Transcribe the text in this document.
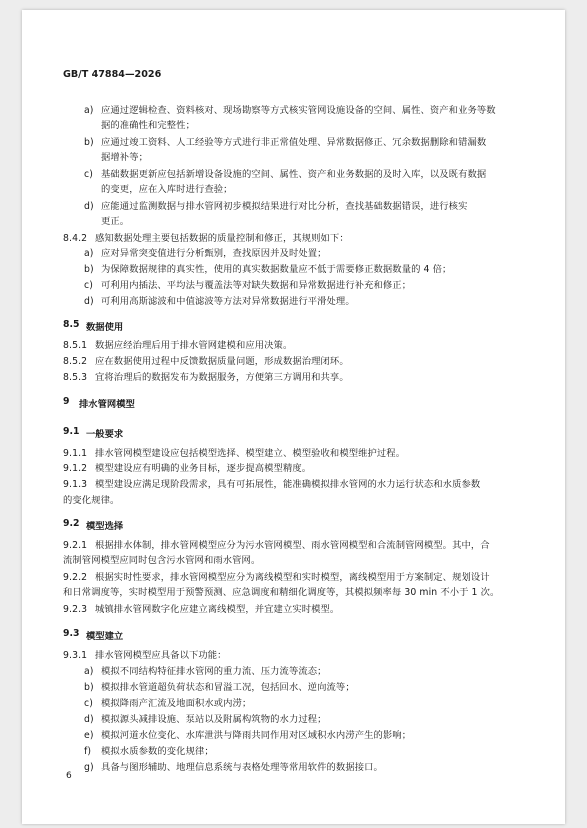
GB/T 47884—2026
a) 应通过逻辑检查、资料核对、现场勘察等方式核实管网设施设备的空间、属性、资产和业务等数
据的准确性和完整性；
b) 应通过竣工资料、人工经验等方式进行非正常值处理、异常数据修正、冗余数据删除和错漏数
据增补等；
c) 基础数据更新应包括新增设备设施的空间、属性、资产和业务数据的及时入库，以及既有数据
的变更，应在入库时进行查验；
d) 应能通过监测数据与排水管网初步模拟结果进行对比分析，查找基础数据错误，进行核实
更正。
8.4.2 感知数据处理主要包括数据的质量控制和修正，其规则如下：
a) 应对异常突变值进行分析甄别，查找原因并及时处置；
b) 为保障数据规律的真实性，使用的真实数据数量应不低于需要修正数据数量的 4 倍；
c) 可利用内插法、平均法与覆盖法等对缺失数据和异常数据进行补充和修正；
d) 可利用高斯滤波和中值滤波等方法对异常数据进行平滑处理。
8.5 数据使用
8.5.1 数据应经治理后用于排水管网建模和应用决策。
8.5.2 应在数据使用过程中反馈数据质量问题，形成数据治理闭环。
8.5.3 宜将治理后的数据发布为数据服务，方便第三方调用和共享。
9 排水管网模型
9.1 一般要求
9.1.1 排水管网模型建设应包括模型选择、模型建立、模型验收和模型维护过程。
9.1.2 模型建设应有明确的业务目标，逐步提高模型精度。
9.1.3 模型建设应满足现阶段需求，具有可拓展性，能准确模拟排水管网的水力运行状态和水质参数
的变化规律。
9.2 模型选择
9.2.1 根据排水体制，排水管网模型应分为污水管网模型、雨水管网模型和合流制管网模型。其中，合
流制管网模型应同时包含污水管网和雨水管网。
9.2.2 根据实时性要求，排水管网模型应分为离线模型和实时模型，离线模型用于方案制定、规划设计
和日常调度等，实时模型用于预警预测、应急调度和精细化调度等，其模拟频率每 30 min 不小于 1 次。
9.2.3 城镇排水管网数字化应建立离线模型，并宜建立实时模型。
9.3 模型建立
9.3.1 排水管网模型应具备以下功能：
a) 模拟不同结构特征排水管网的重力流、压力流等流态；
b) 模拟排水管道超负荷状态和冒溢工况，包括回水、逆向流等；
c) 模拟降雨产汇流及地面积水或内涝；
d) 模拟源头减排设施、泵站以及附属构筑物的水力过程；
e) 模拟河道水位变化、水库泄洪与降雨共同作用对区域积水内涝产生的影响；
f) 模拟水质参数的变化规律；
g) 具备与图形辅助、地理信息系统与表格处理等常用软件的数据接口。
6
